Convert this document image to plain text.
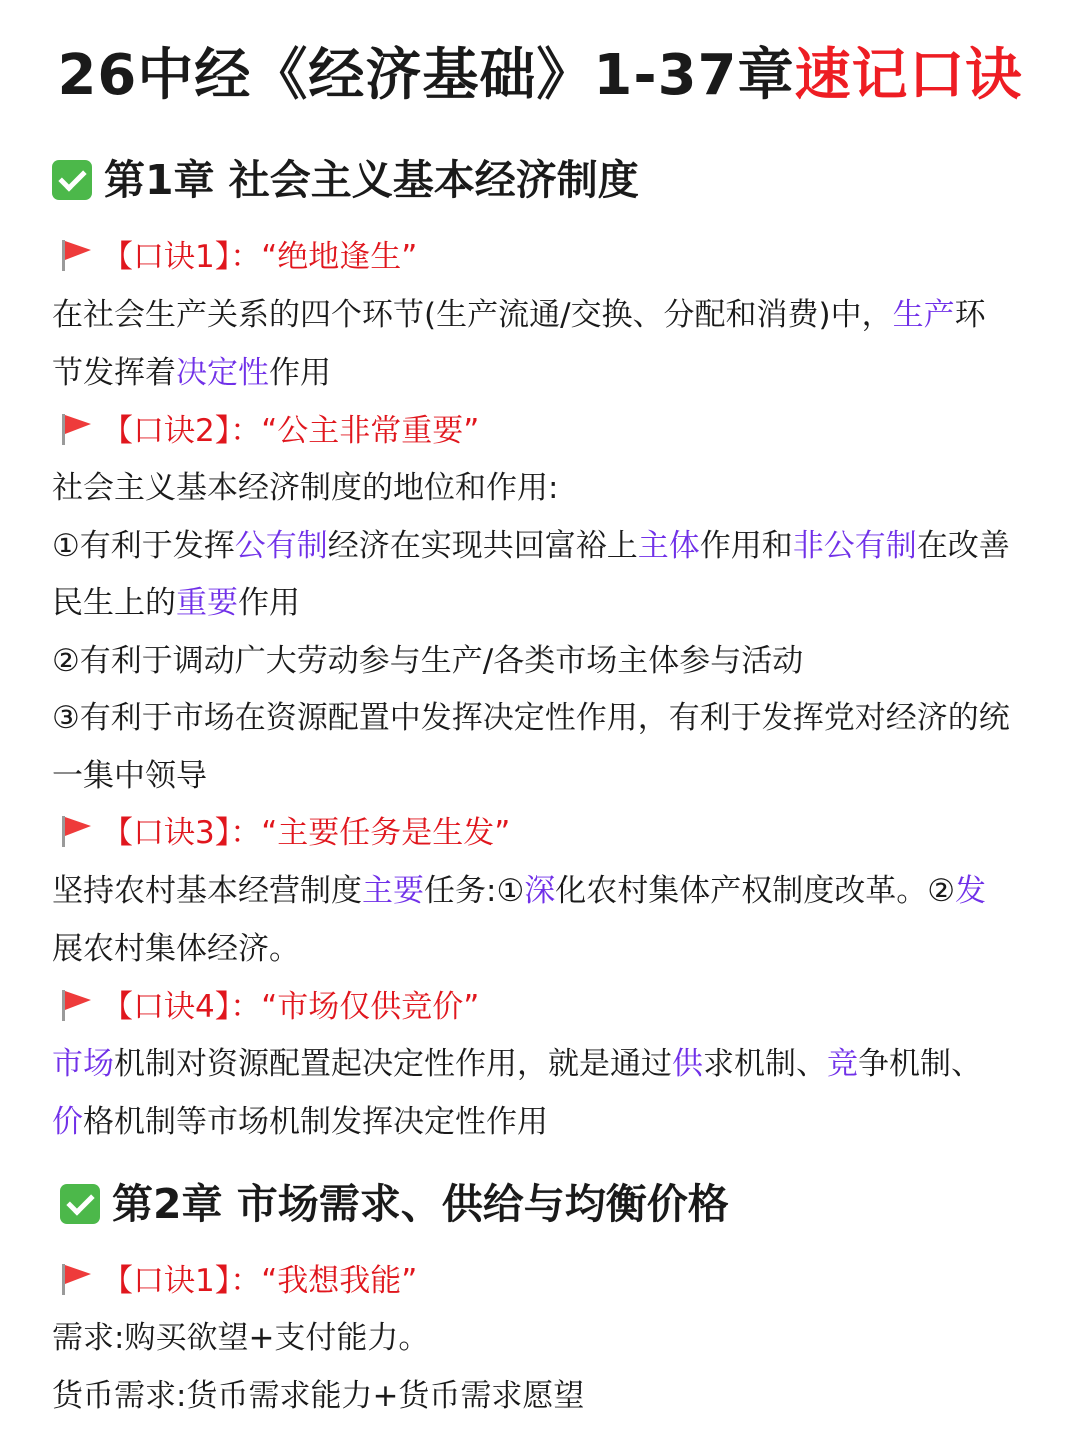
26中经《经济基础》1-37章速记口诀
第1章 社会主义基本经济制度
【口诀1】：“绝地逢生”
在社会生产关系的四个环节(生产流通/交换、分配和消费)中，生产环节发挥着决定性作用
【口诀2】：“公主非常重要”
社会主义基本经济制度的地位和作用:
①有利于发挥公有制经济在实现共回富裕上主体作用和非公有制在改善民生上的重要作用
②有利于调动广大劳动参与生产/各类市场主体参与活动
③有利于市场在资源配置中发挥决定性作用，有利于发挥党对经济的统一集中领导
【口诀3】：“主要任务是生发”
坚持农村基本经营制度主要任务:①深化农村集体产权制度改革。②发展农村集体经济。
【口诀4】：“市场仅供竞价”
市场机制对资源配置起决定性作用，就是通过供求机制、竞争机制、价格机制等市场机制发挥决定性作用
第2章 市场需求、供给与均衡价格
【口诀1】：“我想我能”
需求:购买欲望+支付能力。
货币需求:货币需求能力+货币需求愿望
